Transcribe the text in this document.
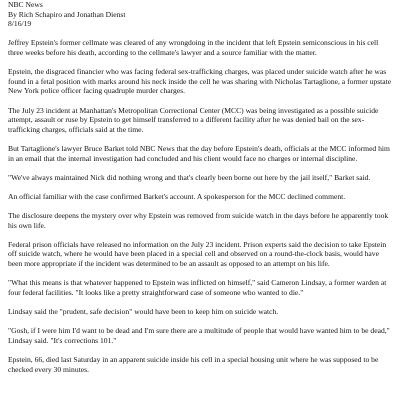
NBC News
By Rich Schapiro and Jonathan Dienst
8/16/19

Jeffrey Epstein's former cellmate was cleared of any wrongdoing in the incident that left Epstein semiconscious in his cell three weeks before his death, according to the cellmate's lawyer and a source familiar with the matter.

Epstein, the disgraced financier who was facing federal sex-trafficking charges, was placed under suicide watch after he was found in a fetal position with marks around his neck inside the cell he was sharing with Nicholas Tartaglione, a former upstate New York police officer facing quadruple murder charges.

The July 23 incident at Manhattan's Metropolitan Correctional Center (MCC) was being investigated as a possible suicide attempt, assault or ruse by Epstein to get himself transferred to a different facility after he was denied bail on the sex-trafficking charges, officials said at the time.

But Tartaglione's lawyer Bruce Barket told NBC News that the day before Epstein's death, officials at the MCC informed him in an email that the internal investigation had concluded and his client would face no charges or internal discipline.

"We've always maintained Nick did nothing wrong and that's clearly been borne out here by the jail itself," Barket said.

An official familiar with the case confirmed Barket's account. A spokesperson for the MCC declined comment.

The disclosure deepens the mystery over why Epstein was removed from suicide watch in the days before he apparently took his own life.

Federal prison officials have released no information on the July 23 incident. Prison experts said the decision to take Epstein off suicide watch, where he would have been placed in a special cell and observed on a round-the-clock basis, would have been more appropriate if the incident was determined to be an assault as opposed to an attempt on his life.

"What this means is that whatever happened to Epstein was inflicted on himself," said Cameron Lindsay, a former warden at four federal facilities. "It looks like a pretty straightforward case of someone who wanted to die."

Lindsay said the "prudent, safe decision" would have been to keep him on suicide watch.

"Gosh, if I were him I'd want to be dead and I'm sure there are a multitude of people that would have wanted him to be dead," Lindsay said. "It's corrections 101."

Epstein, 66, died last Saturday in an apparent suicide inside his cell in a special housing unit where he was supposed to be checked every 30 minutes.
